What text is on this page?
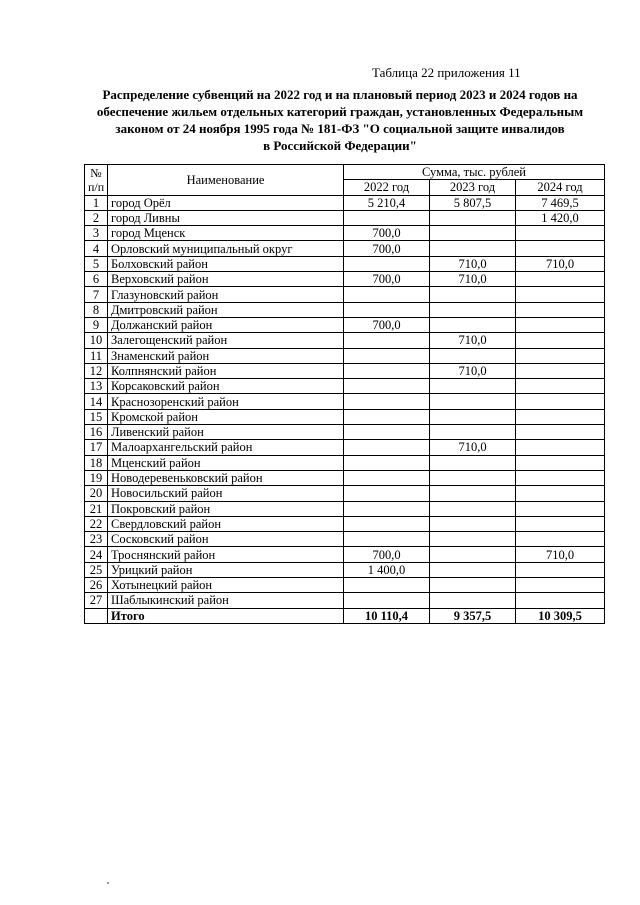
Таблица 22 приложения 11
Распределение субвенций на 2022 год и на плановый период 2023 и 2024 годов на
обеспечение жильем отдельных категорий граждан, установленных Федеральным
законом от 24 ноября 1995 года № 181-ФЗ "О социальной защите инвалидов
в Российской Федерации"
№
п/п	Наименование	Сумма, тыс. рублей		
		2022 год	2023 год	2024 год
1	город Орёл	5 210,4	5 807,5	7 469,5
2	город Ливны			1 420,0
3	город Мценск	700,0		
4	Орловский муниципальный округ	700,0		
5	Болховский район		710,0	710,0
6	Верховский район	700,0	710,0	
7	Глазуновский район			
8	Дмитровский район			
9	Должанский район	700,0		
10	Залегощенский район		710,0	
11	Знаменский район			
12	Колпнянский район		710,0	
13	Корсаковский район			
14	Краснозоренский район			
15	Кромской район			
16	Ливенский район			
17	Малоархангельский район		710,0	
18	Мценский район			
19	Новодеревеньковский район			
20	Новосильский район			
21	Покровский район			
22	Свердловский район			
23	Сосковский район			
24	Троснянский район	700,0		710,0
25	Урицкий район	1 400,0		
26	Хотынецкий район			
27	Шаблыкинский район			
	Итого	10 110,4	9 357,5	10 309,5
